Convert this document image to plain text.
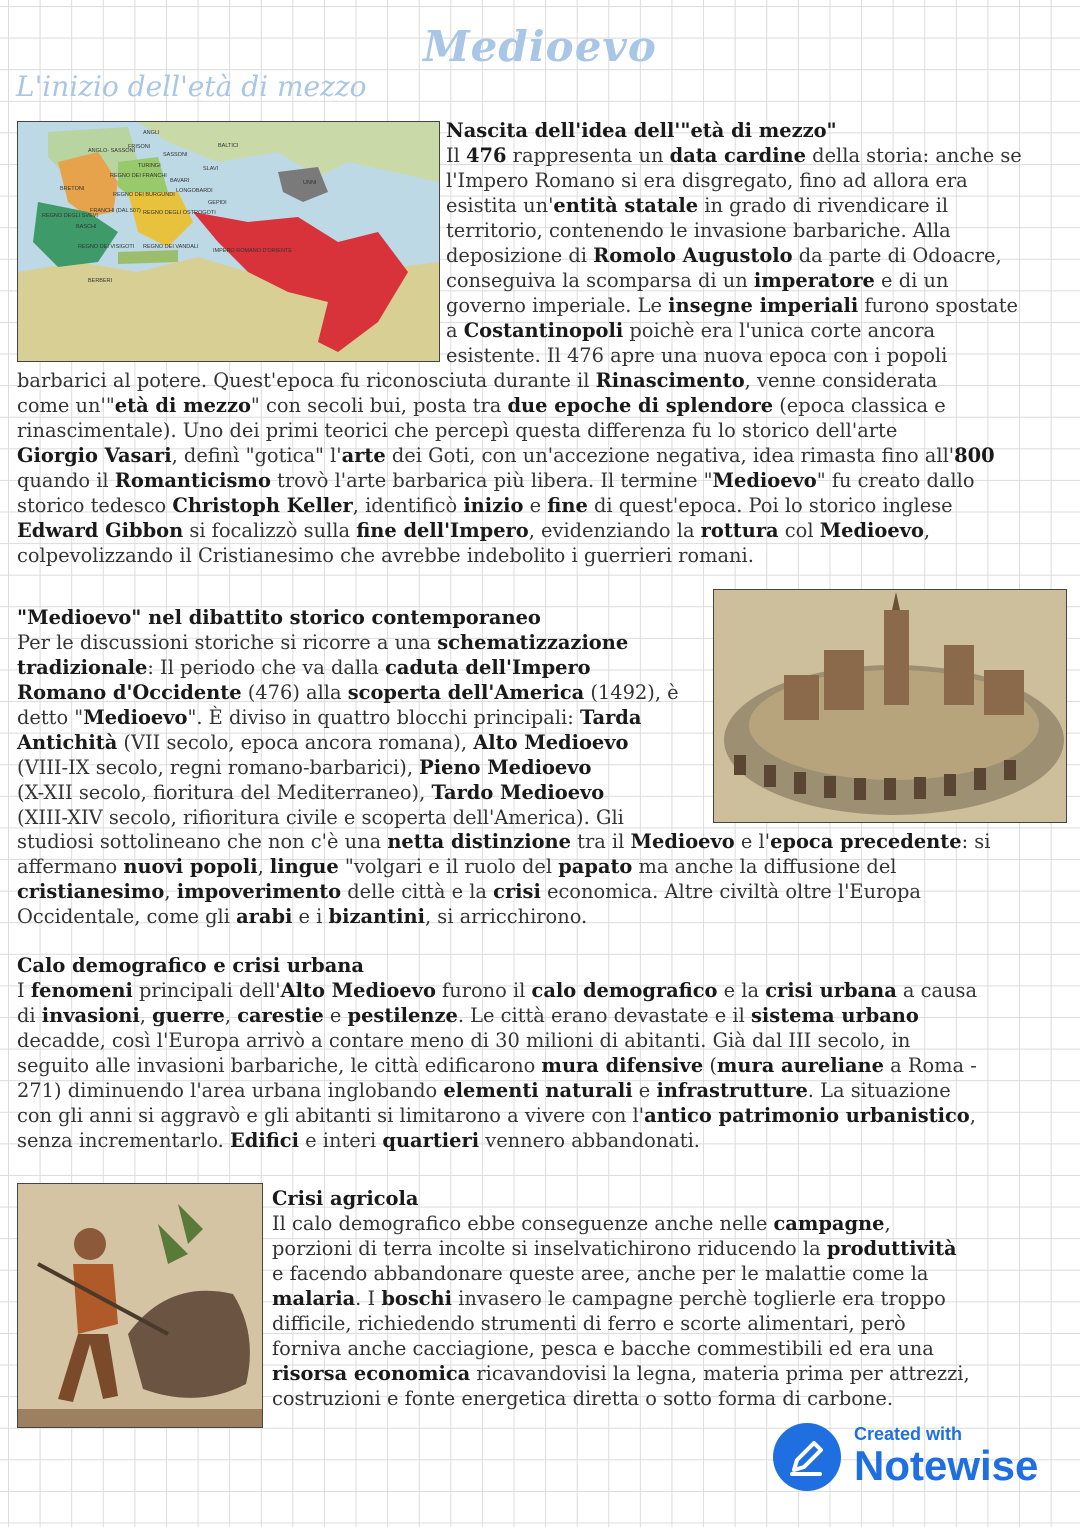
Medioevo
L'inizio dell'età di mezzo
ANGLI
ANGLO- SASSONI
FRISONI
SASSONI
BALTICI
TURINGI	SLAVI
REGNO DEI FRANCHI
BAVARI	UNNI
BRETONI
REGNO DEI BURGUNDI
LONGOBARDI
GEPIDI
FRANCHI (DAL 507) REGNO DEGLI OSTROGOTI
REGNO DEGLI SVEVI
BASCHI
REGNO DEI VISIGOTI REGNO DEI VANDALI
IMPERO ROMANO D'ORIENTE
BERBERI
Nascita dell'idea dell'"età di mezzo"
Il 476 rappresenta un data cardine della storia: anche se
l'Impero Romano si era disgregato, fino ad allora era
esistita un'entità statale in grado di rivendicare il
territorio, contenendo le invasione barbariche. Alla
deposizione di Romolo Augustolo da parte di Odoacre,
conseguiva la scomparsa di un imperatore e di un
governo imperiale. Le insegne imperiali furono spostate
a Costantinopoli poichè era l'unica corte ancora
esistente. Il 476 apre una nuova epoca con i popoli
barbarici al potere. Quest'epoca fu riconosciuta durante il Rinascimento, venne considerata
come un'"età di mezzo" con secoli bui, posta tra due epoche di splendore (epoca classica e
rinascimentale). Uno dei primi teorici che percepì questa differenza fu lo storico dell'arte
Giorgio Vasari, definì "gotica" l'arte dei Goti, con un'accezione negativa, idea rimasta fino all'800
quando il Romanticismo trovò l'arte barbarica più libera. Il termine "Medioevo" fu creato dallo
storico tedesco Christoph Keller, identificò inizio e fine di quest'epoca. Poi lo storico inglese
Edward Gibbon si focalizzò sulla fine dell'Impero, evidenziando la rottura col Medioevo,
colpevolizzando il Cristianesimo che avrebbe indebolito i guerrieri romani.
"Medioevo" nel dibattito storico contemporaneo
Per le discussioni storiche si ricorre a una schematizzazione
tradizionale: Il periodo che va dalla caduta dell'Impero
Romano d'Occidente (476) alla scoperta dell'America (1492), è
detto "Medioevo". È diviso in quattro blocchi principali: Tarda
Antichità (VII secolo, epoca ancora romana), Alto Medioevo
(VIII-IX secolo, regni romano-barbarici), Pieno Medioevo
(X-XII secolo, fioritura del Mediterraneo), Tardo Medioevo
(XIII-XIV secolo, rifioritura civile e scoperta dell'America). Gli
studiosi sottolineano che non c'è una netta distinzione tra il Medioevo e l'epoca precedente: si
affermano nuovi popoli, lingue "volgari e il ruolo del papato ma anche la diffusione del
cristianesimo, impoverimento delle città e la crisi economica. Altre civiltà oltre l'Europa
Occidentale, come gli arabi e i bizantini, si arricchirono.
Calo demografico e crisi urbana
I fenomeni principali dell'Alto Medioevo furono il calo demografico e la crisi urbana a causa
di invasioni, guerre, carestie e pestilenze. Le città erano devastate e il sistema urbano
decadde, così l'Europa arrivò a contare meno di 30 milioni di abitanti. Già dal III secolo, in
seguito alle invasioni barbariche, le città edificarono mura difensive (mura aureliane a Roma -
271) diminuendo l'area urbana inglobando elementi naturali e infrastrutture. La situazione
con gli anni si aggravò e gli abitanti si limitarono a vivere con l'antico patrimonio urbanistico,
senza incrementarlo. Edifici e interi quartieri vennero abbandonati.
Crisi agricola
Il calo demografico ebbe conseguenze anche nelle campagne,
porzioni di terra incolte si inselvatichirono riducendo la produttività
e facendo abbandonare queste aree, anche per le malattie come la
malaria. I boschi invasero le campagne perchè toglierle era troppo
difficile, richiedendo strumenti di ferro e scorte alimentari, però
forniva anche cacciagione, pesca e bacche commestibili ed era una
risorsa economica ricavandovisi la legna, materia prima per attrezzi,
costruzioni e fonte energetica diretta o sotto forma di carbone.
Created with
Notewise
